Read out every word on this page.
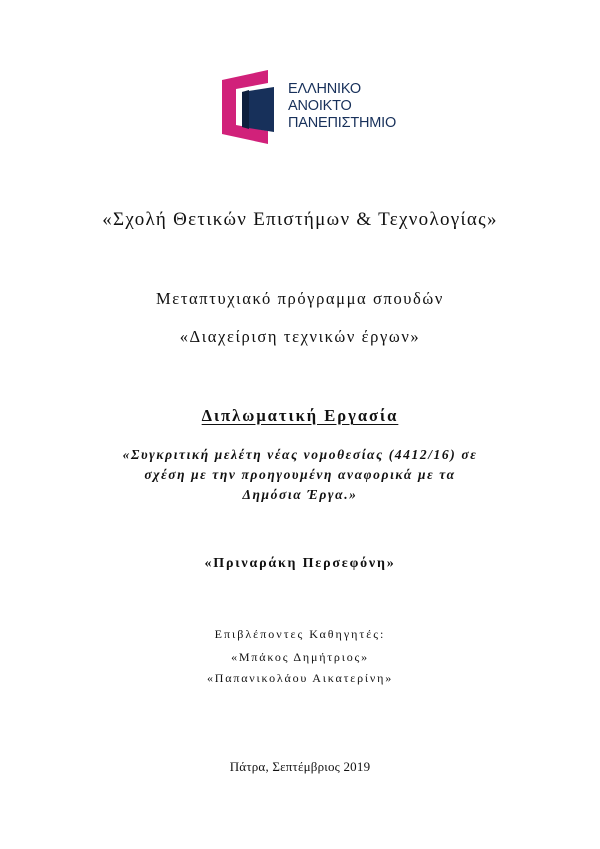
ΕΛΛΗΝΙΚΟ
ΑΝΟΙΚΤΟ
ΠΑΝΕΠΙΣΤΗΜΙΟ
«Σχολή Θετικών Επιστήμων & Τεχνολογίας»
Μεταπτυχιακό πρόγραμμα σπουδών
«Διαχείριση τεχνικών έργων»
Διπλωματική Εργασία
«Συγκριτική μελέτη νέας νομοθεσίας (4412/16) σε
σχέση με την προηγουμένη αναφορικά με τα
Δημόσια Έργα.»
«Πριναράκη Περσεφόνη»
Επιβλέποντες Καθηγητές:
«Μπάκος Δημήτριος»
«Παπανικολάου Αικατερίνη»
Πάτρα, Σεπτέμβριος 2019
